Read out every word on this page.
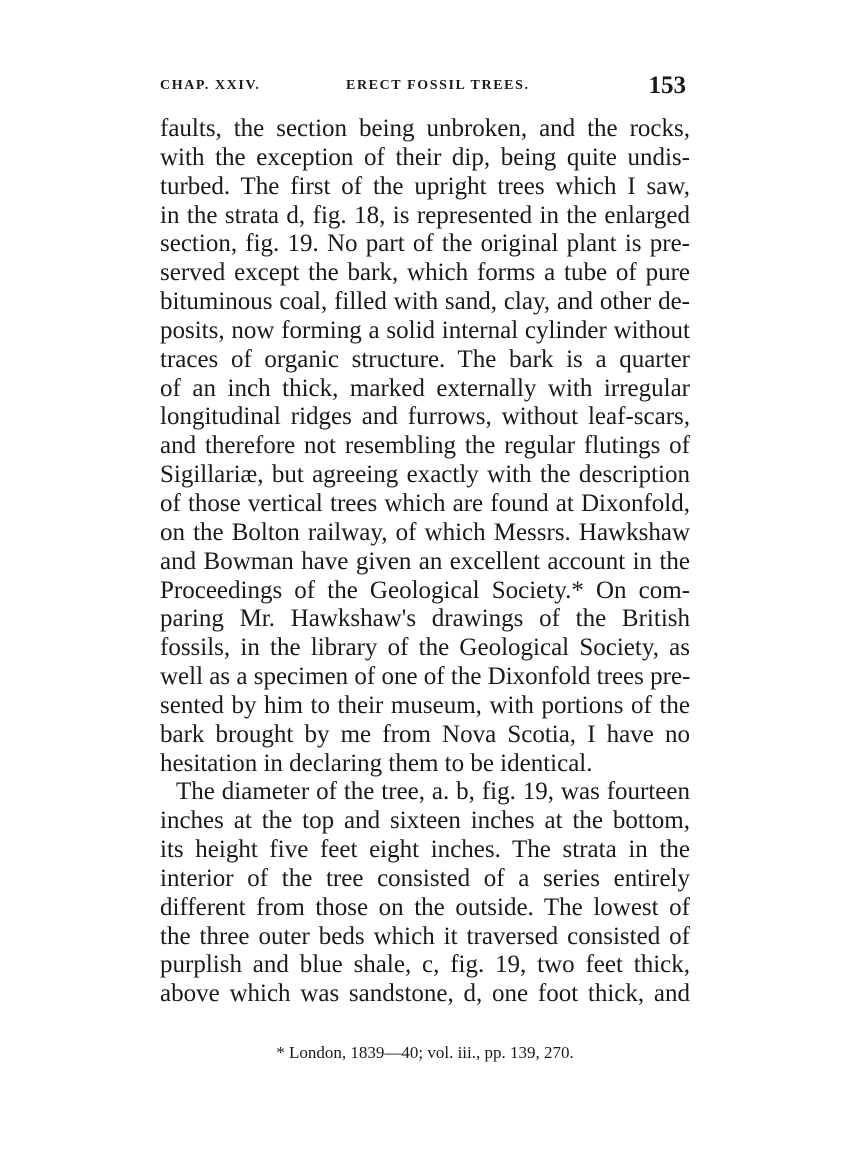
CHAP. XXIV.	ERECT FOSSIL TREES.	153
faults, the section being unbroken, and the rocks,
with the exception of their dip, being quite undis-
turbed. The first of the upright trees which I saw,
in the strata d, fig. 18, is represented in the enlarged
section, fig. 19. No part of the original plant is pre-
served except the bark, which forms a tube of pure
bituminous coal, filled with sand, clay, and other de-
posits, now forming a solid internal cylinder without
traces of organic structure. The bark is a quarter
of an inch thick, marked externally with irregular
longitudinal ridges and furrows, without leaf-scars,
and therefore not resembling the regular flutings of
Sigillariæ, but agreeing exactly with the description
of those vertical trees which are found at Dixonfold,
on the Bolton railway, of which Messrs. Hawkshaw
and Bowman have given an excellent account in the
Proceedings of the Geological Society.* On com-
paring Mr. Hawkshaw's drawings of the British
fossils, in the library of the Geological Society, as
well as a specimen of one of the Dixonfold trees pre-
sented by him to their museum, with portions of the
bark brought by me from Nova Scotia, I have no
hesitation in declaring them to be identical.
The diameter of the tree, a. b, fig. 19, was fourteen
inches at the top and sixteen inches at the bottom,
its height five feet eight inches. The strata in the
interior of the tree consisted of a series entirely
different from those on the outside. The lowest of
the three outer beds which it traversed consisted of
purplish and blue shale, c, fig. 19, two feet thick,
above which was sandstone, d, one foot thick, and
* London, 1839—40; vol. iii., pp. 139, 270.
